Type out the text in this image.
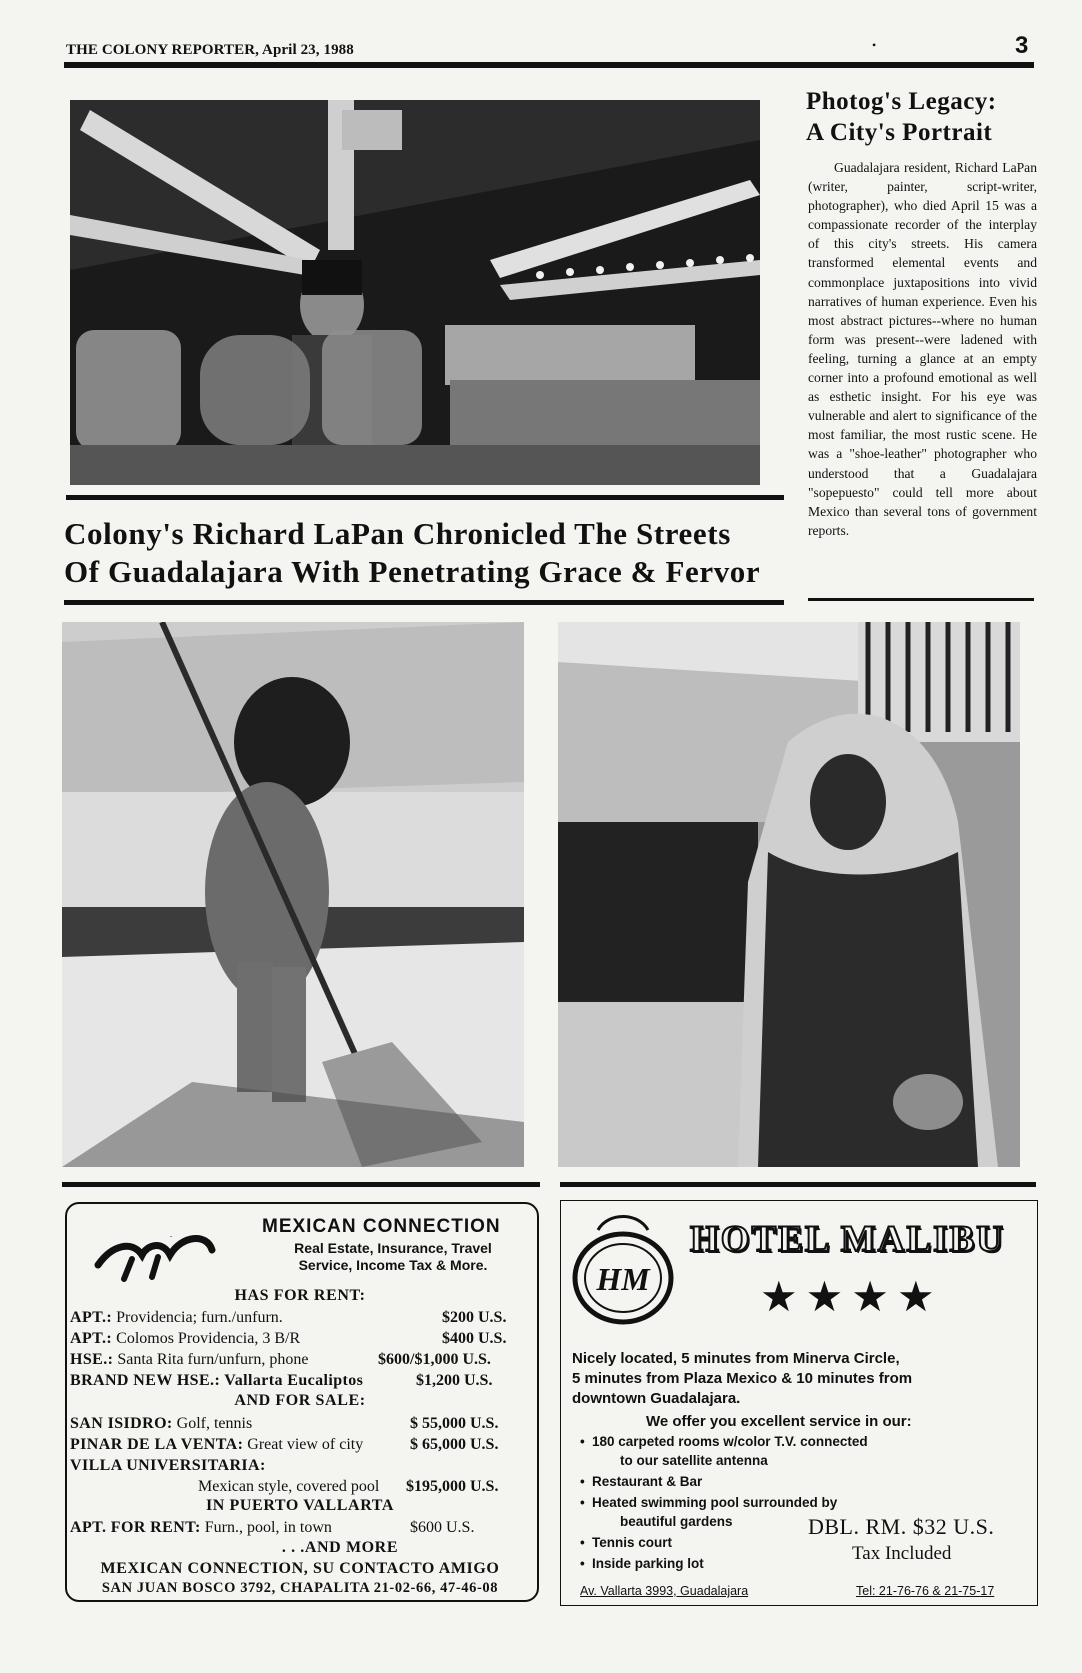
THE COLONY REPORTER, April 23, 1988	•	3
Colony's Richard LaPan Chronicled The Streets
Of Guadalajara With Penetrating Grace & Fervor
Photog's Legacy:
A City's Portrait

Guadalajara resident, Richard LaPan (writer, painter, script-writer, photographer), who died April 15 was a compassionate recorder of the interplay of this city's streets. His camera transformed elemental events and commonplace juxtapositions into vivid narratives of human experience. Even his most abstract pictures--where no human form was present--were ladened with feeling, turning a glance at an empty corner into a profound emotional as well as esthetic insight. For his eye was vulnerable and alert to significance of the most familiar, the most rustic scene. He was a "shoe-leather" photographer who understood that a Guadalajara "sopepuesto" could tell more about Mexico than several tons of government reports.

mc	MEXICAN CONNECTION
Real Estate, Insurance, Travel
Service, Income Tax & More.
HAS FOR RENT:
APT.: Providencia; furn./unfurn.	$200 U.S.
APT.: Colomos Providencia, 3 B/R	$400 U.S.
HSE.: Santa Rita furn/unfurn, phone	$600/$1,000 U.S.
BRAND NEW HSE.: Vallarta Eucaliptos	$1,200 U.S.
AND FOR SALE:
SAN ISIDRO: Golf, tennis	$ 55,000 U.S.
PINAR DE LA VENTA: Great view of city	$ 65,000 U.S.
VILLA UNIVERSITARIA:
Mexican style, covered pool $195,000 U.S.
IN PUERTO VALLARTA
APT. FOR RENT: Furn., pool, in town	$600 U.S.
. . .AND MORE
MEXICAN CONNECTION, SU CONTACTO AMIGO
SAN JUAN BOSCO 3792, CHAPALITA 21-02-66, 47-46-08
HM
HOTEL MALIBU
★★★★
Nicely located, 5 minutes from Minerva Circle,
5 minutes from Plaza Mexico & 10 minutes from
downtown Guadalajara.
We offer you excellent service in our:
• 180 carpeted rooms w/color T.V. connected
to our satellite antenna
• Restaurant & Bar
• Heated swimming pool surrounded by
beautiful gardens
• Tennis court
• Inside parking lot
DBL. RM. $32 U.S.
Tax Included
Av. Vallarta 3993, Guadalajara	Tel: 21-76-76 & 21-75-17
